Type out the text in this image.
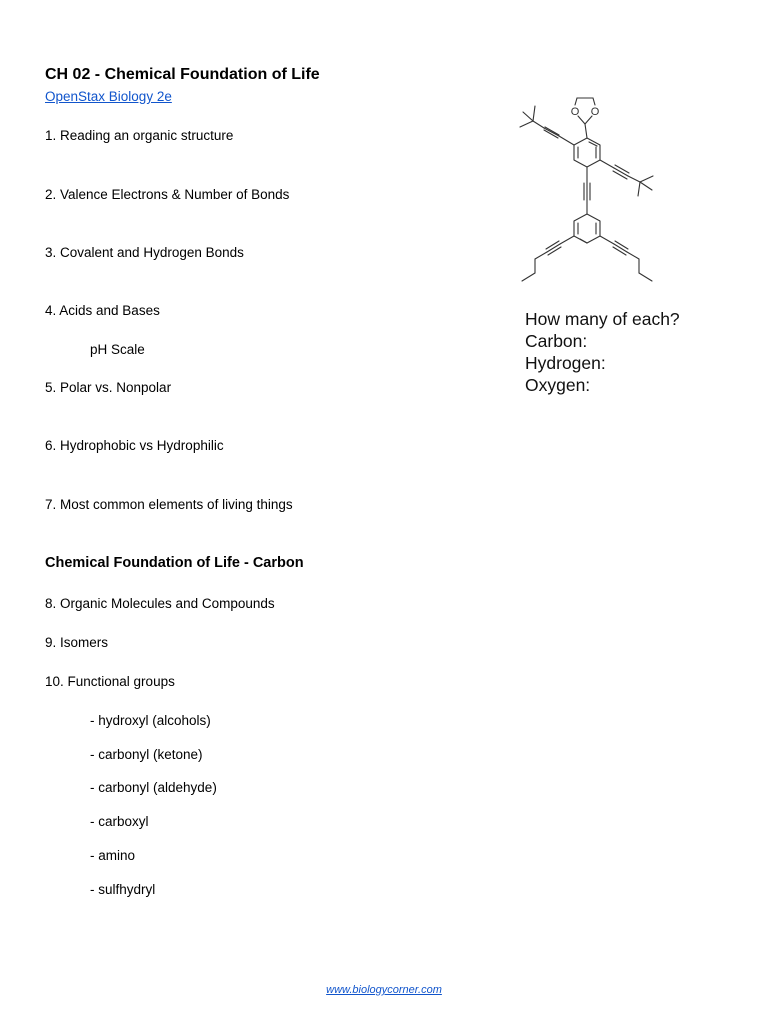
CH 02 - Chemical Foundation of Life
OpenStax Biology 2e
1. Reading an organic structure
2. Valence Electrons & Number of Bonds
3. Covalent and Hydrogen Bonds
4. Acids and Bases
pH Scale
5. Polar vs. Nonpolar
6. Hydrophobic vs Hydrophilic
7. Most common elements of living things
Chemical Foundation of Life - Carbon
8. Organic Molecules and Compounds
9. Isomers
10. Functional groups
- hydroxyl (alcohols)
- carbonyl (ketone)
- carbonyl (aldehyde)
- carboxyl
- amino
- sulfhydryl
O O
How many of each?
Carbon:
Hydrogen:
Oxygen:
www.biologycorner.com
